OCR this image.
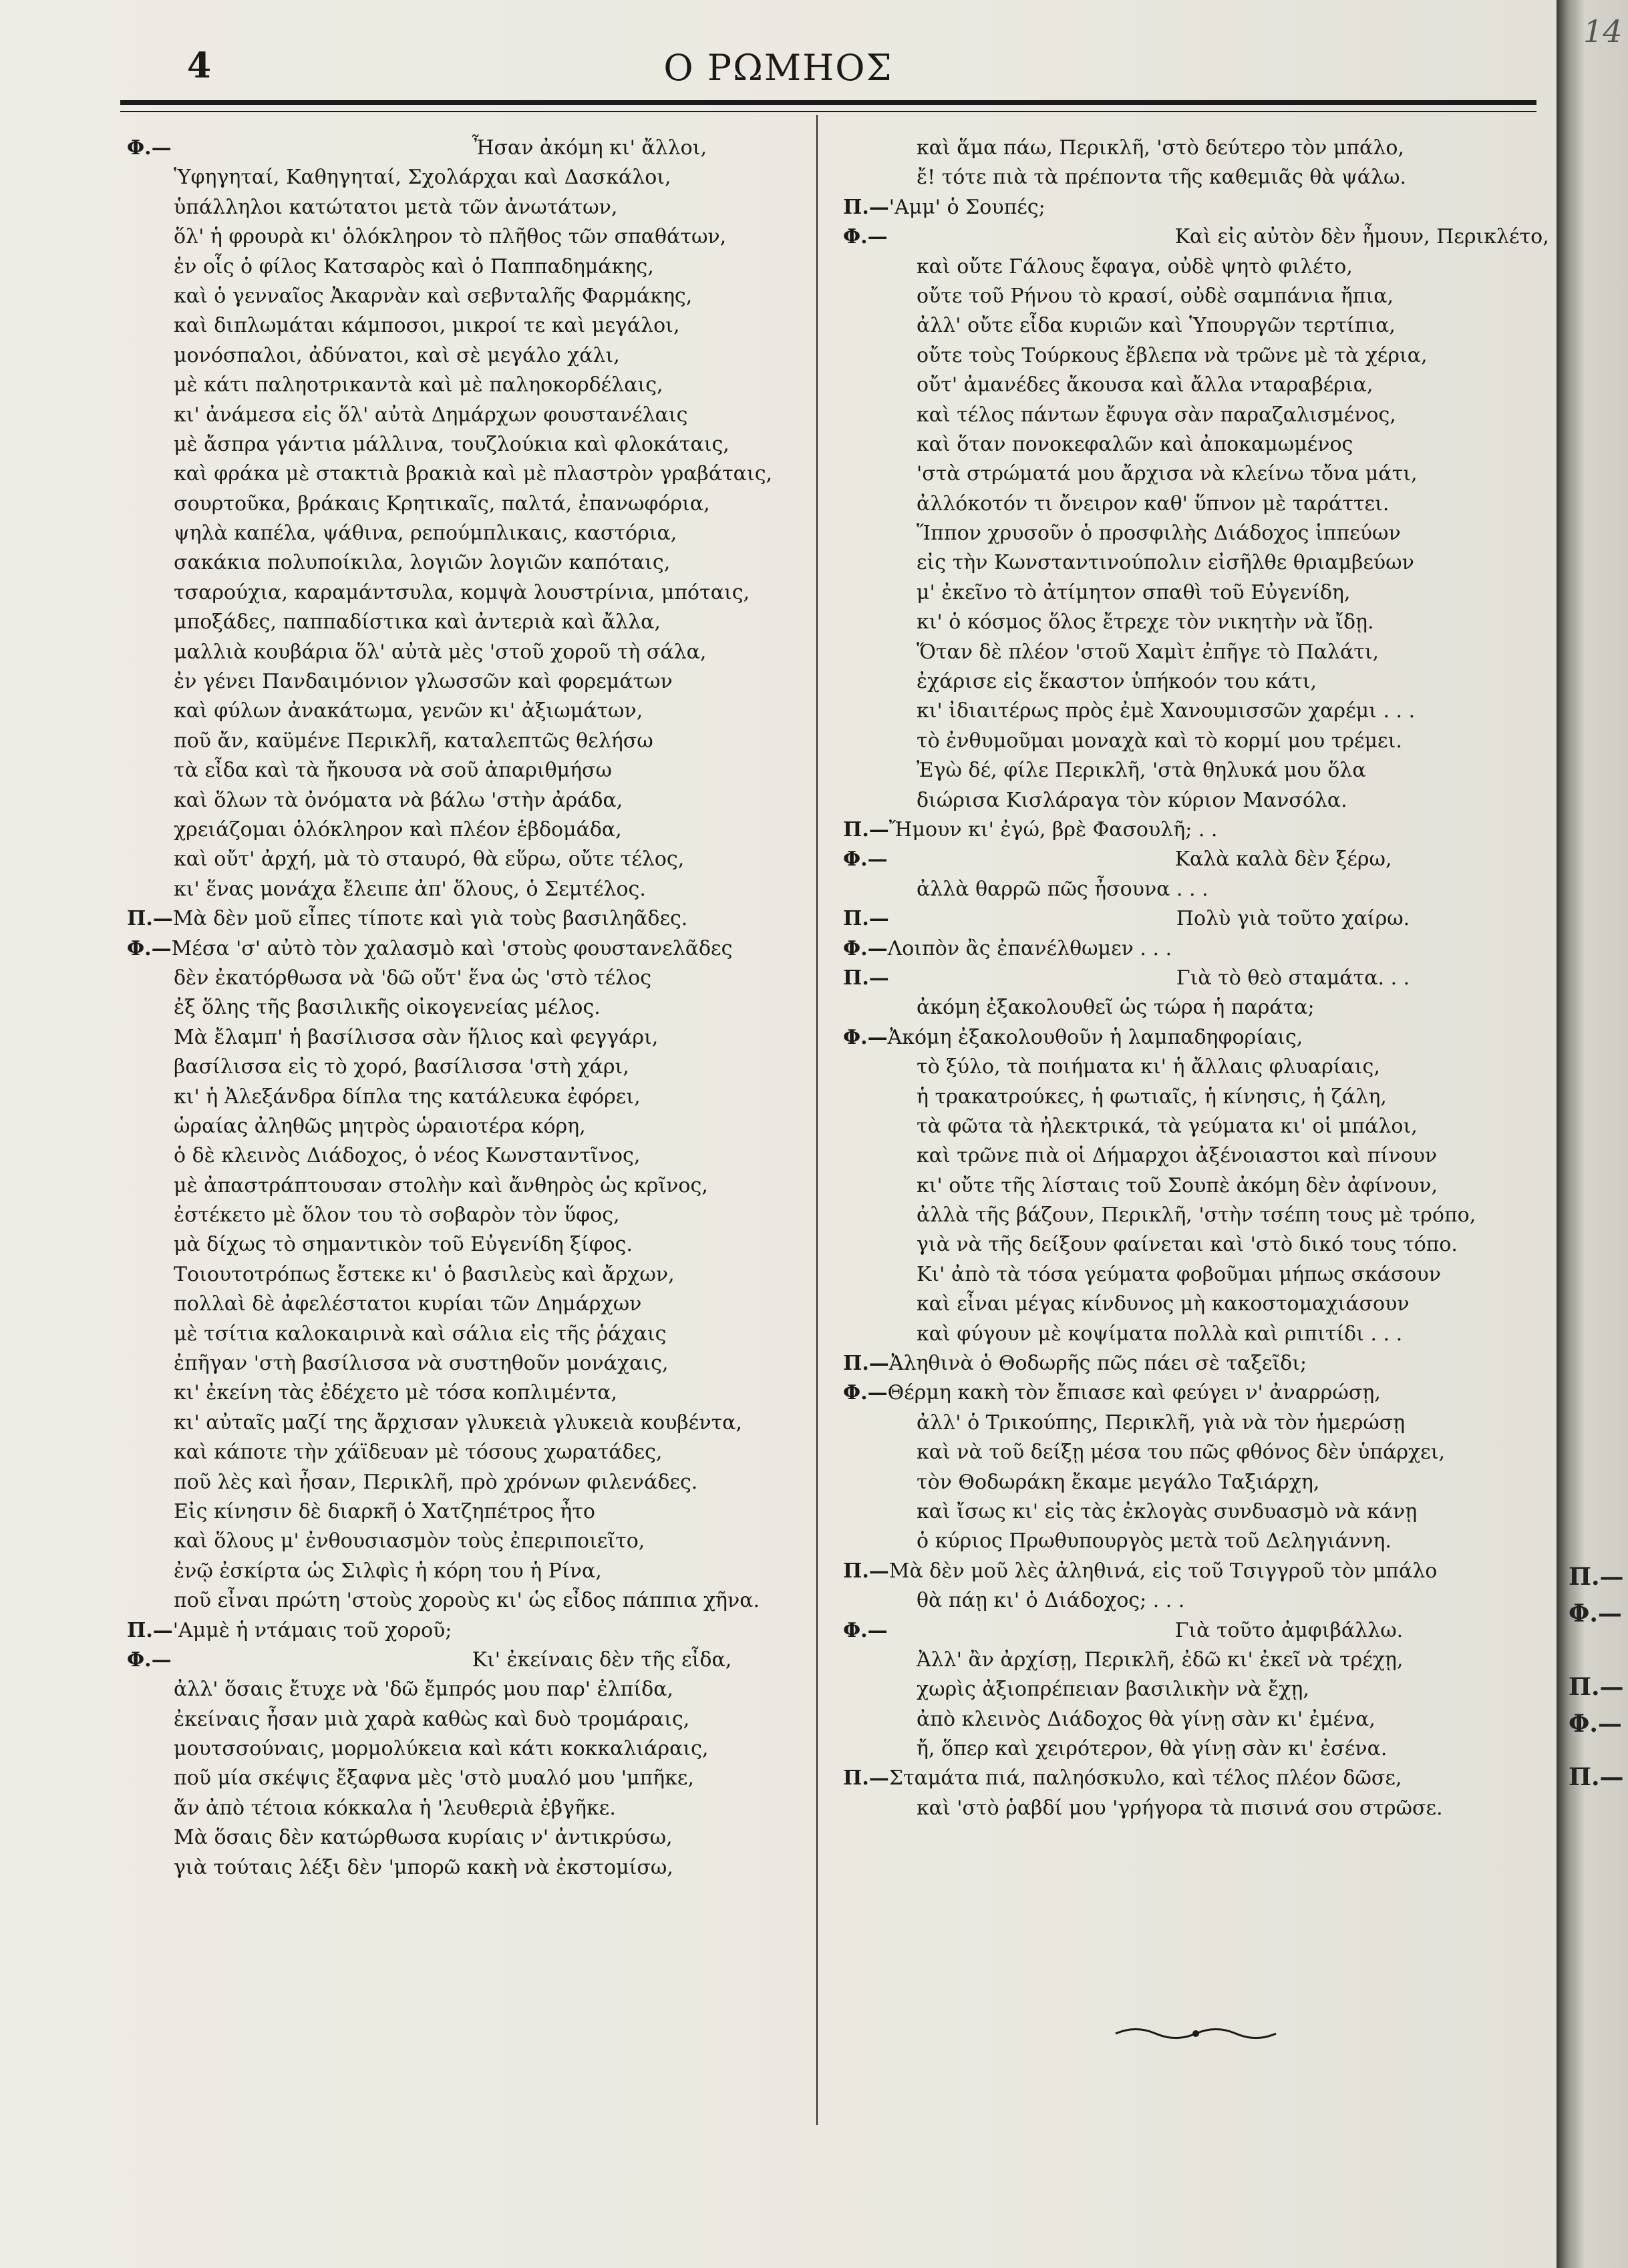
4	Ο ΡΩΜΗΟΣ
Φ.—	Ἦσαν ἀκόμη κι' ἄλλοι,
Ὑφηγηταί, Καθηγηταί, Σχολάρχαι καὶ Δασκάλοι,
ὑπάλληλοι κατώτατοι μετὰ τῶν ἀνωτάτων,
ὅλ' ἡ φρουρὰ κι' ὁλόκληρον τὸ πλῆθος τῶν σπαθάτων,
ἐν οἷς ὁ φίλος Κατσαρὸς καὶ ὁ Παππαδημάκης,
καὶ ὁ γενναῖος Ἀκαρνὰν καὶ σεβνταλῆς Φαρμάκης,
καὶ διπλωμάται κάμποσοι, μικροί τε καὶ μεγάλοι,
μονόσπαλοι, ἀδύνατοι, καὶ σὲ μεγάλο χάλι,
μὲ κάτι παληοτρικαντὰ καὶ μὲ παληοκορδέλαις,
κι' ἀνάμεσα εἰς ὅλ' αὐτὰ Δημάρχων φουστανέλαις
μὲ ἄσπρα γάντια μάλλινα, τουζλούκια καὶ φλοκάταις,
καὶ φράκα μὲ στακτιὰ βρακιὰ καὶ μὲ πλαστρὸν γραβάταις,
σουρτοῦκα, βράκαις Κρητικαῖς, παλτά, ἐπανωφόρια,
ψηλὰ καπέλα, ψάθινα, ρεπούμπλικαις, καστόρια,
σακάκια πολυποίκιλα, λογιῶν λογιῶν καπόταις,
τσαρούχια, καραμάντσυλα, κομψὰ λουστρίνια, μπόταις,
μποξάδες, παππαδίστικα καὶ ἀντεριὰ καὶ ἄλλα,
μαλλιὰ κουβάρια ὅλ' αὐτὰ μὲς 'στοῦ χοροῦ τὴ σάλα,
ἐν γένει Πανδαιμόνιον γλωσσῶν καὶ φορεμάτων
καὶ φύλων ἀνακάτωμα, γενῶν κι' ἀξιωμάτων,
ποῦ ἄν, καϋμένε Περικλῆ, καταλεπτῶς θελήσω
τὰ εἶδα καὶ τὰ ἤκουσα νὰ σοῦ ἀπαριθμήσω
καὶ ὅλων τὰ ὀνόματα νὰ βάλω 'στὴν ἀράδα,
χρειάζομαι ὁλόκληρον καὶ πλέον ἑβδομάδα,
καὶ οὔτ' ἀρχή, μὰ τὸ σταυρό, θὰ εὕρω, οὔτε τέλος,
κι' ἕνας μονάχα ἔλειπε ἀπ' ὅλους, ὁ Σεμτέλος.
Π.—Μὰ δὲν μοῦ εἶπες τίποτε καὶ γιὰ τοὺς βασιληᾶδες.
Φ.—Μέσα 'σ' αὐτὸ τὸν χαλασμὸ καὶ 'στοὺς φουστανελᾶδες
δὲν ἐκατόρθωσα νὰ 'δῶ οὔτ' ἕνα ὡς 'στὸ τέλος
ἐξ ὅλης τῆς βασιλικῆς οἰκογενείας μέλος.
Μὰ ἔλαμπ' ἡ βασίλισσα σὰν ἥλιος καὶ φεγγάρι,
βασίλισσα εἰς τὸ χορό, βασίλισσα 'στὴ χάρι,
κι' ἡ Ἀλεξάνδρα δίπλα της κατάλευκα ἐφόρει,
ὡραίας ἀληθῶς μητρὸς ὡραιοτέρα κόρη,
ὁ δὲ κλεινὸς Διάδοχος, ὁ νέος Κωνσταντῖνος,
μὲ ἀπαστράπτουσαν στολὴν καὶ ἄνθηρὸς ὡς κρῖνος,
ἐστέκετο μὲ ὅλον του τὸ σοβαρὸν τὸν ὕφος,
μὰ δίχως τὸ σημαντικὸν τοῦ Εὐγενίδη ξίφος.
Τοιουτοτρόπως ἔστεκε κι' ὁ βασιλεὺς καὶ ἄρχων,
πολλαὶ δὲ ἀφελέστατοι κυρίαι τῶν Δημάρχων
μὲ τσίτια καλοκαιρινὰ καὶ σάλια εἰς τῆς ῥάχαις
ἐπῆγαν 'στὴ βασίλισσα νὰ συστηθοῦν μονάχαις,
κι' ἐκείνη τὰς ἐδέχετο μὲ τόσα κοπλιμέντα,
κι' αὐταῖς μαζί της ἄρχισαν γλυκειὰ γλυκειὰ κουβέντα,
καὶ κάποτε τὴν χάϊδευαν μὲ τόσους χωρατάδες,
ποῦ λὲς καὶ ἦσαν, Περικλῆ, πρὸ χρόνων φιλενάδες.
Εἰς κίνησιν δὲ διαρκῆ ὁ Χατζηπέτρος ἦτο
καὶ ὅλους μ' ἐνθουσιασμὸν τοὺς ἐπεριποιεῖτο,
ἐνῷ ἐσκίρτα ὡς Σιλφὶς ἡ κόρη του ἡ Ρίνα,
ποῦ εἶναι πρώτη 'στοὺς χοροὺς κι' ὡς εἶδος πάππια χῆνα.
Π.—'Αμμὲ ἡ ντάμαις τοῦ χοροῦ;
Φ.—	Κι' ἐκείναις δὲν τῆς εἶδα,
ἀλλ' ὅσαις ἔτυχε νὰ 'δῶ ἔμπρός μου παρ' ἐλπίδα,
ἐκείναις ἦσαν μιὰ χαρὰ καθὼς καὶ δυὸ τρομάραις,
μουτσσούναις, μορμολύκεια καὶ κάτι κοκκαλιάραις,
ποῦ μία σκέψις ἔξαφνα μὲς 'στὸ μυαλό μου 'μπῆκε,
ἄν ἀπὸ τέτοια κόκκαλα ἡ 'λευθεριὰ ἐβγῆκε.
Μὰ ὅσαις δὲν κατώρθωσα κυρίαις ν' ἀντικρύσω,
γιὰ τούταις λέξι δὲν 'μπορῶ κακὴ νὰ ἐκστομίσω,
καὶ ἅμα πάω, Περικλῆ, 'στὸ δεύτερο τὸν μπάλο,
ἔ! τότε πιὰ τὰ πρέποντα τῆς καθεμιᾶς θὰ ψάλω.
Π.—'Αμμ' ὁ Σουπές;
Φ.—	Καὶ εἰς αὐτὸν δὲν ἦμουν, Περικλέτο,
καὶ οὔτε Γάλους ἔφαγα, οὐδὲ ψητὸ φιλέτο,
οὔτε τοῦ Ρήνου τὸ κρασί, οὐδὲ σαμπάνια ἤπια,
ἀλλ' οὔτε εἶδα κυριῶν καὶ Ὑπουργῶν τερτίπια,
οὔτε τοὺς Τούρκους ἔβλεπα νὰ τρῶνε μὲ τὰ χέρια,
οὔτ' ἀμανέδες ἄκουσα καὶ ἄλλα νταραβέρια,
καὶ τέλος πάντων ἔφυγα σὰν παραζαλισμένος,
καὶ ὅταν πονοκεφαλῶν καὶ ἀποκαμωμένος
'στὰ στρώματά μου ἄρχισα νὰ κλείνω τὄνα μάτι,
ἀλλόκοτόν τι ὄνειρον καθ' ὕπνον μὲ ταράττει.
Ἵππον χρυσοῦν ὁ προσφιλὴς Διάδοχος ἱππεύων
εἰς τὴν Κωνσταντινούπολιν εἰσῆλθε θριαμβεύων
μ' ἐκεῖνο τὸ ἀτίμητον σπαθὶ τοῦ Εὐγενίδη,
κι' ὁ κόσμος ὅλος ἔτρεχε τὸν νικητὴν νὰ ἴδῃ.
Ὅταν δὲ πλέον 'στοῦ Χαμὶτ ἐπῆγε τὸ Παλάτι,
ἐχάρισε εἰς ἕκαστον ὑπήκοόν του κάτι,
κι' ἰδιαιτέρως πρὸς ἐμὲ Χανουμισσῶν χαρέμι . . .
τὸ ἐνθυμοῦμαι μοναχὰ καὶ τὸ κορμί μου τρέμει.
Ἐγὼ δέ, φίλε Περικλῆ, 'στὰ θηλυκά μου ὅλα
διώρισα Κισλάραγα τὸν κύριον Μανσόλα.
Π.—Ἤμουν κι' ἐγώ, βρὲ Φασουλῆ; . .
Φ.—	Καλὰ καλὰ δὲν ξέρω,
ἀλλὰ θαρρῶ πῶς ἦσουνα . . .
Π.—	Πολὺ γιὰ τοῦτο χαίρω.
Φ.—Λοιπὸν ἂς ἐπανέλθωμεν . . .
Π.—	Γιὰ τὸ θεὸ σταμάτα. . .
ἀκόμη ἐξακολουθεῖ ὡς τώρα ἡ παράτα;
Φ.—Ἀκόμη ἐξακολουθοῦν ἡ λαμπαδηφορίαις,
τὸ ξύλο, τὰ ποιήματα κι' ἡ ἄλλαις φλυαρίαις,
ἡ τρακατρούκες, ἡ φωτιαῖς, ἡ κίνησις, ἡ ζάλη,
τὰ φῶτα τὰ ἠλεκτρικά, τὰ γεύματα κι' οἱ μπάλοι,
καὶ τρῶνε πιὰ οἱ Δήμαρχοι ἀξένοιαστοι καὶ πίνουν
κι' οὔτε τῆς λίσταις τοῦ Σουπὲ ἀκόμη δὲν ἀφίνουν,
ἀλλὰ τῆς βάζουν, Περικλῆ, 'στὴν τσέπη τους μὲ τρόπο,
γιὰ νὰ τῆς δείξουν φαίνεται καὶ 'στὸ δικό τους τόπο.
Κι' ἀπὸ τὰ τόσα γεύματα φοβοῦμαι μήπως σκάσουν
καὶ εἶναι μέγας κίνδυνος μὴ κακοστομαχιάσουν
καὶ φύγουν μὲ κοψίματα πολλὰ καὶ ριπιτίδι . . .
Π.—Ἀληθινὰ ὁ Θοδωρῆς πῶς πάει σὲ ταξεῖδι;
Φ.—Θέρμη κακὴ τὸν ἔπιασε καὶ φεύγει ν' ἀναρρώσῃ,
ἀλλ' ὁ Τρικούπης, Περικλῆ, γιὰ νὰ τὸν ἡμερώσῃ
καὶ νὰ τοῦ δείξῃ μέσα του πῶς φθόνος δὲν ὑπάρχει,
τὸν Θοδωράκη ἔκαμε μεγάλο Ταξιάρχη,
καὶ ἴσως κι' εἰς τὰς ἐκλογὰς συνδυασμὸ νὰ κάνῃ
ὁ κύριος Πρωθυπουργὸς μετὰ τοῦ Δεληγιάννη.
Π.—Μὰ δὲν μοῦ λὲς ἀληθινά, εἰς τοῦ Τσιγγροῦ τὸν μπάλο
θὰ πάῃ κι' ὁ Διάδοχος; . . .
Φ.—	Γιὰ τοῦτο ἀμφιβάλλω.
Ἀλλ' ἂν ἀρχίσῃ, Περικλῆ, ἐδῶ κι' ἐκεῖ νὰ τρέχῃ,
χωρὶς ἀξιοπρέπειαν βασιλικὴν νὰ ἔχῃ,
ἀπὸ κλεινὸς Διάδοχος θὰ γίνῃ σὰν κι' ἐμένα,
ἤ, ὅπερ καὶ χειρότερον, θὰ γίνῃ σὰν κι' ἐσένα.
Π.—Σταμάτα πιά, παληόσκυλο, καὶ τέλος πλέον δῶσε,
καὶ 'στὸ ῥαβδί μου 'γρήγορα τὰ πισινά σου στρῶσε.
Π.—
Φ.—
Π.—
Φ.—
Π.—
14
